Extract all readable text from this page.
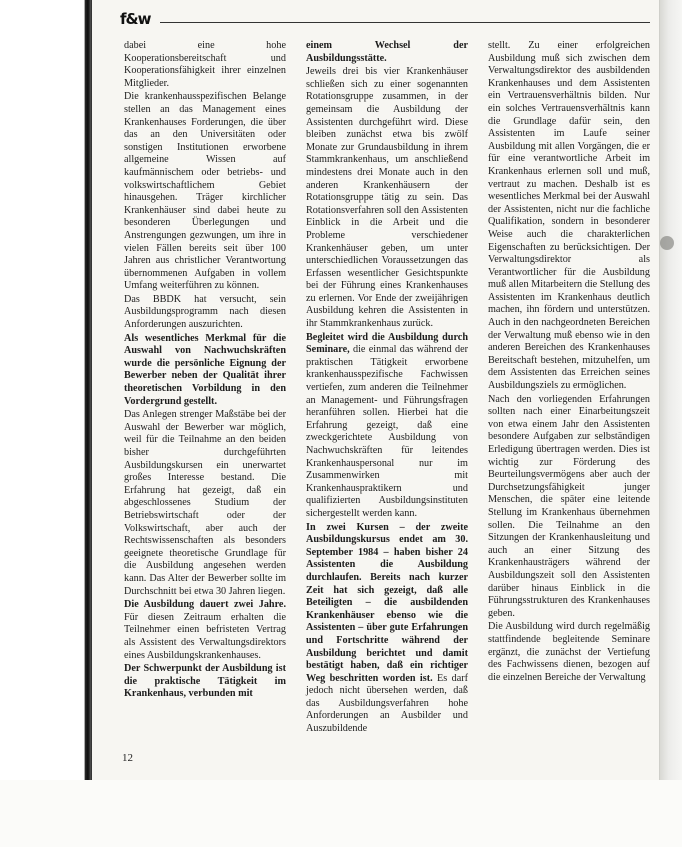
f&w

dabei eine hohe Kooperationsbereitschaft und Kooperationsfähigkeit ihrer einzelnen Mitglieder.

Die krankenhausspezifischen Belange stellen an das Management eines Krankenhauses Forderungen, die über das an den Universitäten oder sonstigen Institutionen erworbene allgemeine Wissen auf kaufmännischem oder betriebs- und volkswirtschaftlichem Gebiet hinausgehen. Träger kirchlicher Krankenhäuser sind dabei heute zu besonderen Überlegungen und Anstrengungen gezwungen, um ihre in vielen Fällen bereits seit über 100 Jahren aus christlicher Verantwortung übernommenen Aufgaben in vollem Umfang weiterführen zu können.

Das BBDK hat versucht, sein Ausbildungsprogramm nach diesen Anforderungen auszurichten.

Als wesentliches Merkmal für die Auswahl von Nachwuchskräften wurde die persönliche Eignung der Bewerber neben der Qualität ihrer theoretischen Vorbildung in den Vordergrund gestellt.

Das Anlegen strenger Maßstäbe bei der Auswahl der Bewerber war möglich, weil für die Teilnahme an den beiden bisher durchgeführten Ausbildungskursen ein unerwartet großes Interesse bestand. Die Erfahrung hat gezeigt, daß ein abgeschlossenes Studium der Betriebswirtschaft oder der Volkswirtschaft, aber auch der Rechtswissenschaften als besonders geeignete theoretische Grundlage für die Ausbildung angesehen werden kann. Das Alter der Bewerber sollte im Durchschnitt bei etwa 30 Jahren liegen.

Die Ausbildung dauert zwei Jahre. Für diesen Zeitraum erhalten die Teilnehmer einen befristeten Vertrag als Assistent des Verwaltungsdirektors eines Ausbildungskrankenhauses.

Der Schwerpunkt der Ausbildung ist die praktische Tätigkeit im Krankenhaus, verbunden mit

einem Wechsel der Ausbildungsstätte.

Jeweils drei bis vier Krankenhäuser schließen sich zu einer sogenannten Rotationsgruppe zusammen, in der gemeinsam die Ausbildung der Assistenten durchgeführt wird. Diese bleiben zunächst etwa bis zwölf Monate zur Grundausbildung in ihrem Stammkrankenhaus, um anschließend mindestens drei Monate auch in den anderen Krankenhäusern der Rotationsgruppe tätig zu sein. Das Rotationsverfahren soll den Assistenten Einblick in die Arbeit und die Probleme verschiedener Krankenhäuser geben, um unter unterschiedlichen Voraussetzungen das Erfassen wesentlicher Gesichtspunkte bei der Führung eines Krankenhauses zu erlernen. Vor Ende der zweijährigen Ausbildung kehren die Assistenten in ihr Stammkrankenhaus zurück.

Begleitet wird die Ausbildung durch Seminare, die einmal das während der praktischen Tätigkeit erworbene krankenhausspezifische Fachwissen vertiefen, zum anderen die Teilnehmer an Management- und Führungsfragen heranführen sollen. Hierbei hat die Erfahrung gezeigt, daß eine zweckgerichtete Ausbildung von Nachwuchskräften für leitendes Krankenhauspersonal nur im Zusammenwirken mit Krankenhauspraktikern und qualifizierten Ausbildungsinstituten sichergestellt werden kann.

In zwei Kursen – der zweite Ausbildungskursus endet am 30. September 1984 – haben bisher 24 Assistenten die Ausbildung durchlaufen. Bereits nach kurzer Zeit hat sich gezeigt, daß alle Beteiligten – die ausbildenden Krankenhäuser ebenso wie die Assistenten – über gute Erfahrungen und Fortschritte während der Ausbildung berichtet und damit bestätigt haben, daß ein richtiger Weg beschritten worden ist. Es darf jedoch nicht übersehen werden, daß das Ausbildungsverfahren hohe Anforderungen an Ausbilder und Auszubildende

stellt. Zu einer erfolgreichen Ausbildung muß sich zwischen dem Verwaltungsdirektor des ausbildenden Krankenhauses und dem Assistenten ein Vertrauensverhältnis bilden. Nur ein solches Vertrauensverhältnis kann die Grundlage dafür sein, den Assistenten im Laufe seiner Ausbildung mit allen Vorgängen, die er für eine verantwortliche Arbeit im Krankenhaus erlernen soll und muß, vertraut zu machen. Deshalb ist es wesentliches Merkmal bei der Auswahl der Assistenten, nicht nur die fachliche Qualifikation, sondern in besonderer Weise auch die charakterlichen Eigenschaften zu berücksichtigen. Der Verwaltungsdirektor als Verantwortlicher für die Ausbildung muß allen Mitarbeitern die Stellung des Assistenten im Krankenhaus deutlich machen, ihn fördern und unterstützen. Auch in den nachgeordneten Bereichen der Verwaltung muß ebenso wie in den anderen Bereichen des Krankenhauses Bereitschaft bestehen, mitzuhelfen, um dem Assistenten das Erreichen seines Ausbildungsziels zu ermöglichen.

Nach den vorliegenden Erfahrungen sollten nach einer Einarbeitungszeit von etwa einem Jahr den Assistenten besondere Aufgaben zur selbständigen Erledigung übertragen werden. Dies ist wichtig zur Förderung des Beurteilungsvermögens aber auch der Durchsetzungsfähigkeit junger Menschen, die später eine leitende Stellung im Krankenhaus übernehmen sollen. Die Teilnahme an den Sitzungen der Krankenhausleitung und auch an einer Sitzung des Krankenhausträgers während der Ausbildungszeit soll den Assistenten darüber hinaus Einblick in die Führungsstrukturen des Krankenhauses geben.

Die Ausbildung wird durch regelmäßig stattfindende begleitende Seminare ergänzt, die zunächst der Vertiefung des Fachwissens dienen, bezogen auf die einzelnen Bereiche der Verwaltung

12
